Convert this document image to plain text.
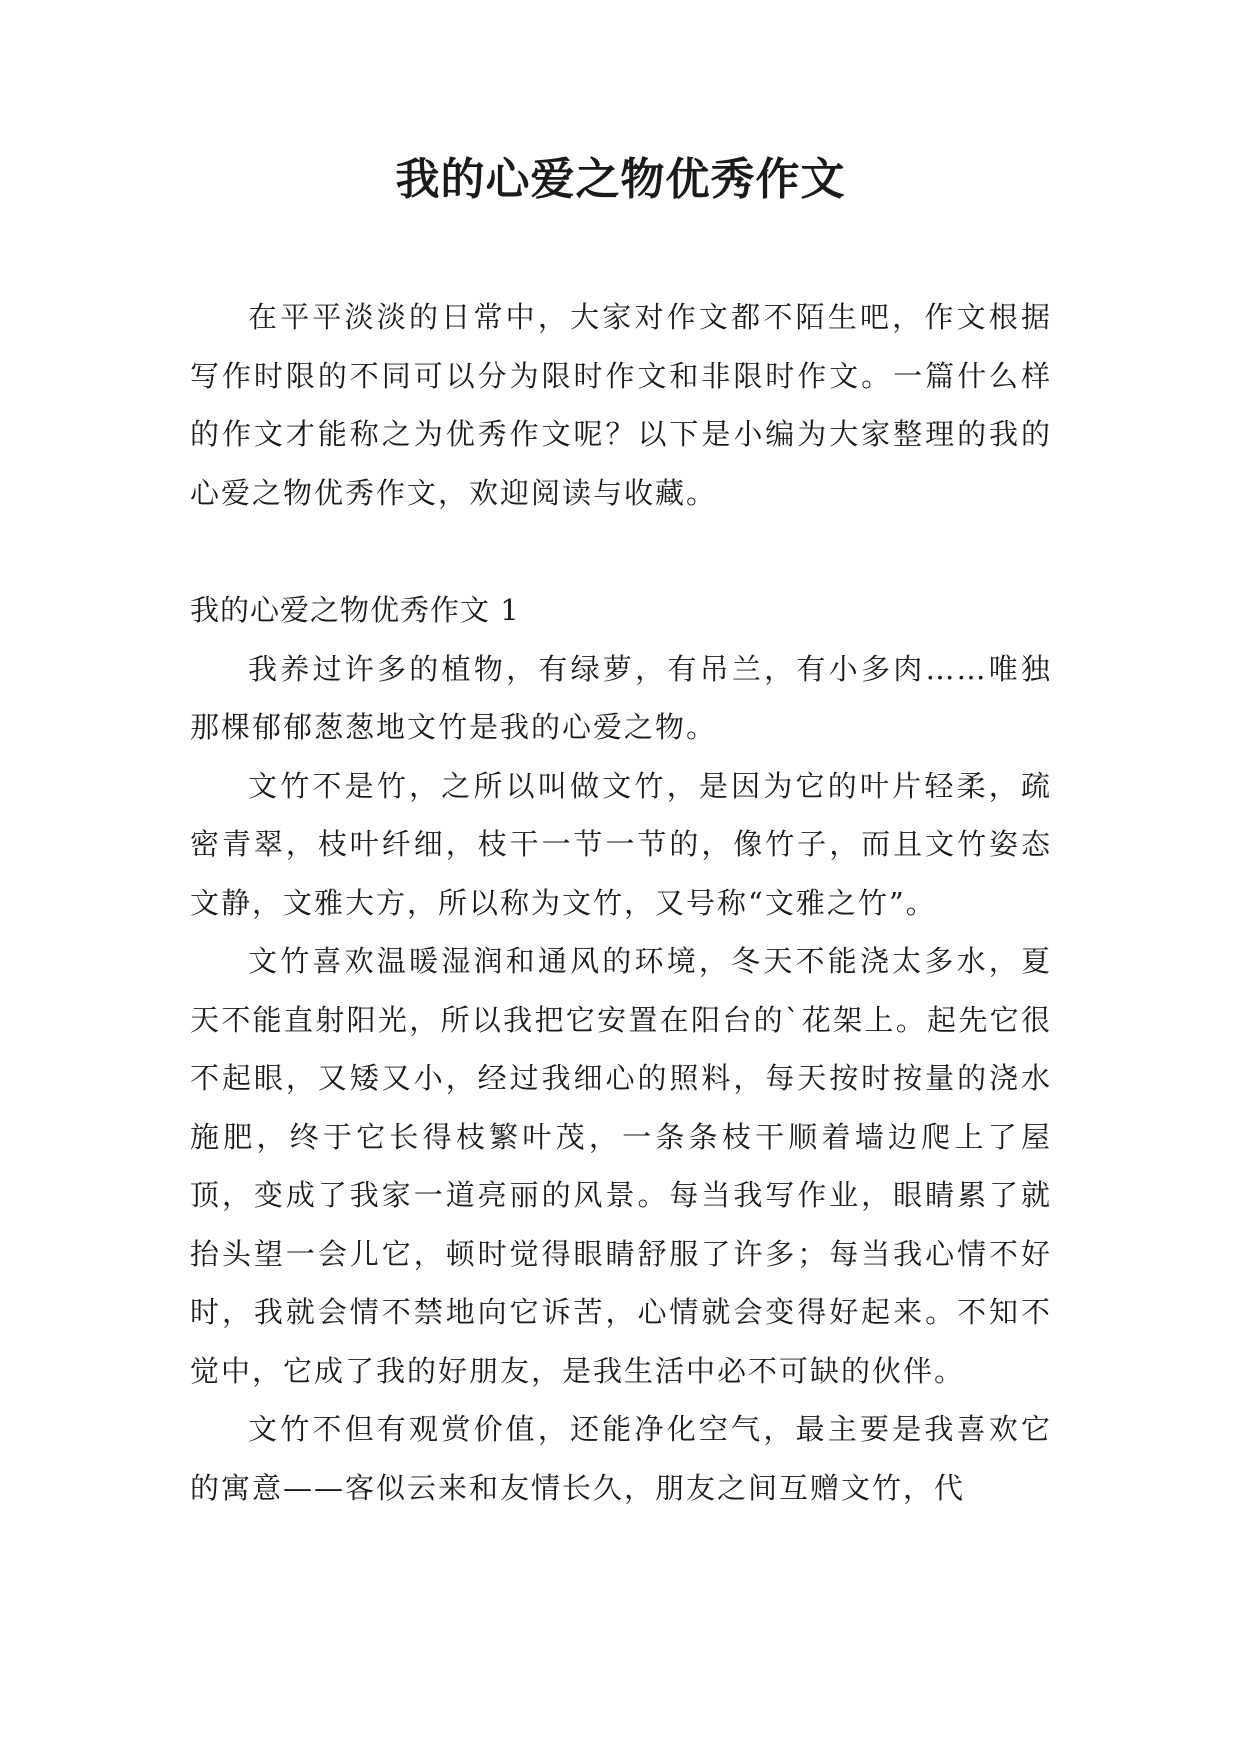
我的心爱之物优秀作文

在平平淡淡的日常中，大家对作文都不陌生吧，作文根据写作时限的不同可以分为限时作文和非限时作文。一篇什么样的作文才能称之为优秀作文呢？以下是小编为大家整理的我的心爱之物优秀作文，欢迎阅读与收藏。

我的心爱之物优秀作文 1

我养过许多的植物，有绿萝，有吊兰，有小多肉……唯独那棵郁郁葱葱地文竹是我的心爱之物。

文竹不是竹，之所以叫做文竹，是因为它的叶片轻柔，疏密青翠，枝叶纤细，枝干一节一节的，像竹子，而且文竹姿态文静，文雅大方，所以称为文竹，又号称“文雅之竹”。

文竹喜欢温暖湿润和通风的环境，冬天不能浇太多水，夏天不能直射阳光，所以我把它安置在阳台的`花架上。起先它很不起眼，又矮又小，经过我细心的照料，每天按时按量的浇水施肥，终于它长得枝繁叶茂，一条条枝干顺着墙边爬上了屋顶，变成了我家一道亮丽的风景。每当我写作业，眼睛累了就抬头望一会儿它，顿时觉得眼睛舒服了许多；每当我心情不好时，我就会情不禁地向它诉苦，心情就会变得好起来。不知不觉中，它成了我的好朋友，是我生活中必不可缺的伙伴。

文竹不但有观赏价值，还能净化空气，最主要是我喜欢它的寓意——客似云来和友情长久，朋友之间互赠文竹，代
